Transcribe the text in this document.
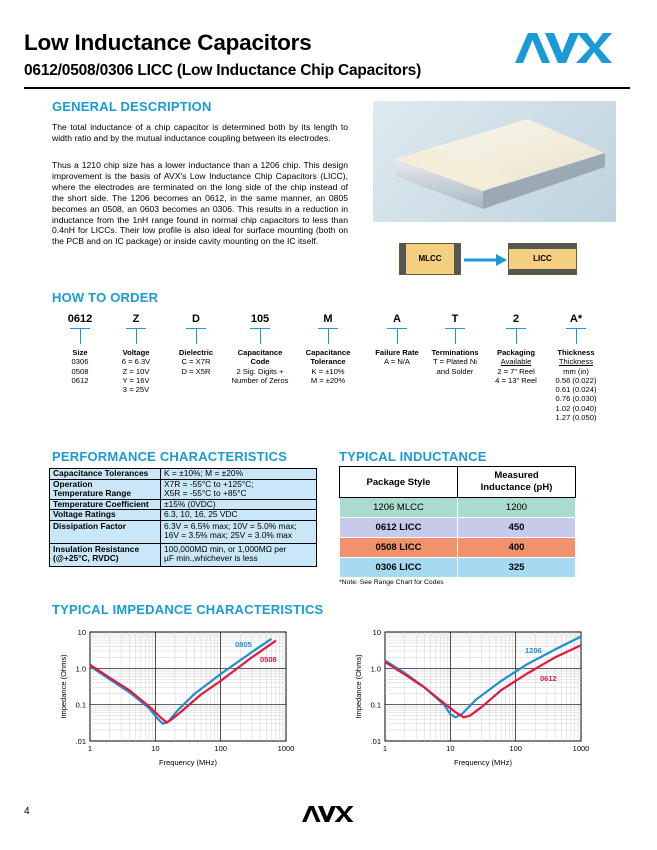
Low Inductance Capacitors
0612/0508/0306 LICC (Low Inductance Chip Capacitors)
GENERAL DESCRIPTION
The total inductance of a chip capacitor is determined both by its length to width ratio and by the mutual inductance coupling between its electrodes.
Thus a 1210 chip size has a lower inductance than a 1206 chip. This design improvement is the basis of AVX's Low Inductance Chip Capacitors (LICC), where the electrodes are terminated on the long side of the chip instead of the short side. The 1206 becomes an 0612, in the same manner, an 0805 becomes an 0508, an 0603 becomes an 0306. This results in a reduction in inductance from the 1nH range found in normal chip capacitors to less than 0.4nH for LICCs. Their low profile is also ideal for surface mounting (both on the PCB and on IC package) or inside cavity mounting on the IC itself.
MLCC	LICC
HOW TO ORDER
0612
Size
0306
0508
0612
Z
Voltage
6 = 6.3V
Z = 10V
Y = 16V
3 = 25V
D
Dielectric
C = X7R
D = X5R
105
Capacitance
Code
2 Sig. Digits +
Number of Zeros
M
Capacitance
Tolerance
K = ±10%
M = ±20%
A
Failure Rate
A = N/A
T
Terminations
T = Plated Ni
and Solder
2
Packaging
Available
2 = 7" Reel
4 = 13" Reel
A*
Thickness
Thickness
mm (in)
0.56 (0.022)
0.61 (0.024)
0.76 (0.030)
1.02 (0.040)
1.27 (0.050)
PERFORMANCE CHARACTERISTICS
Capacitance Tolerances	K = ±10%; M = ±20%
Operation
Temperature Range	X7R = -55°C to +125°C;
X5R = -55°C to +85°C
Temperature Coefficient	±15% (0VDC)
Voltage Ratings	6.3, 10, 16, 25 VDC
Dissipation Factor	6.3V = 6.5% max; 10V = 5.0% max;
16V = 3.5% max; 25V = 3.0% max
Insulation Resistance
(@+25°C, RVDC)	100,000MΩ min, or 1,000MΩ per
µF min.,whichever is less
TYPICAL INDUCTANCE
Package Style	Measured
Inductance (pH)
1206 MLCC	1200
0612 LICC	450
0508 LICC	400
0306 LICC	325
*Note: See Range Chart for Codes
TYPICAL IMPEDANCE CHARACTERISTICS
1	10	100	1000
10
1.0
0.1
.01
Frequency (MHz)
Impedance (Ohms)
0805
0508
1	10	100	1000
10
1.0
0.1
.01
Frequency (MHz)
Impedance (Ohms)
1206
0612
4
